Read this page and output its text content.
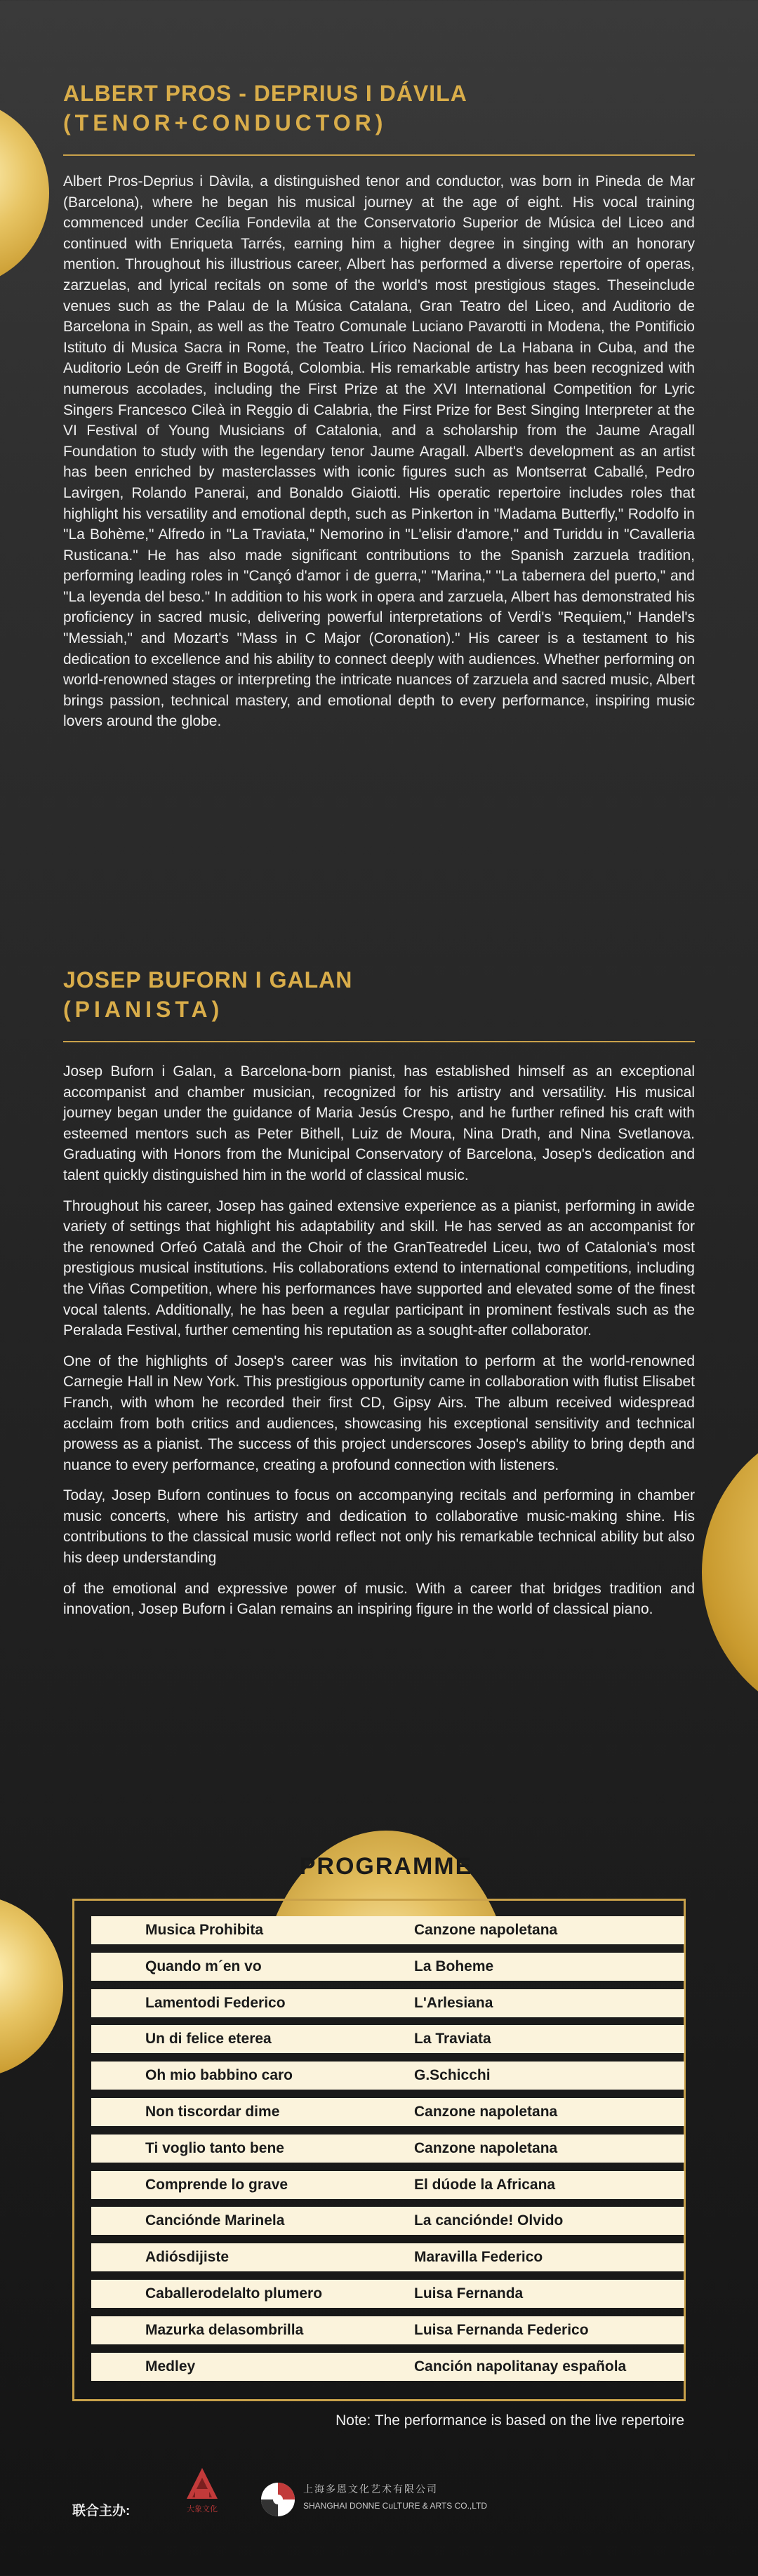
ALBERT PROS - DEPRIUS I DÁVILA
(TENOR+CONDUCTOR)

Albert Pros-Deprius i Dàvila, a distinguished tenor and conductor, was born in Pineda de Mar (Barcelona), where he began his musical journey at the age of eight. His vocal training commenced under Cecília Fondevila at the Conservatorio Superior de Música del Liceo and continued with Enriqueta Tarrés, earning him a higher degree in singing with an honorary mention. Throughout his illustrious career, Albert has performed a diverse repertoire of operas, zarzuelas, and lyrical recitals on some of the world's most prestigious stages. Theseinclude venues such as the Palau de la Música Catalana, Gran Teatro del Liceo, and Auditorio de Barcelona in Spain, as well as the Teatro Comunale Luciano Pavarotti in Modena, the Pontificio Istituto di Musica Sacra in Rome, the Teatro Lírico Nacional de La Habana in Cuba, and the Auditorio León de Greiff in Bogotá, Colombia. His remarkable artistry has been recognized with numerous accolades, including the First Prize at the XVI International Competition for Lyric Singers Francesco Cileà in Reggio di Calabria, the First Prize for Best Singing Interpreter at the VI Festival of Young Musicians of Catalonia, and a scholarship from the Jaume Aragall Foundation to study with the legendary tenor Jaume Aragall. Albert's development as an artist has been enriched by masterclasses with iconic figures such as Montserrat Caballé, Pedro Lavirgen, Rolando Panerai, and Bonaldo Giaiotti. His operatic repertoire includes roles that highlight his versatility and emotional depth, such as Pinkerton in "Madama Butterfly," Rodolfo in "La Bohème," Alfredo in "La Traviata," Nemorino in "L'elisir d'amore," and Turiddu in "Cavalleria Rusticana." He has also made significant contributions to the Spanish zarzuela tradition, performing leading roles in "Cançó d'amor i de guerra," "Marina," "La tabernera del puerto," and "La leyenda del beso." In addition to his work in opera and zarzuela, Albert has demonstrated his proficiency in sacred music, delivering powerful interpretations of Verdi's "Requiem," Handel's "Messiah," and Mozart's "Mass in C Major (Coronation)." His career is a testament to his dedication to excellence and his ability to connect deeply with audiences. Whether performing on world-renowned stages or interpreting the intricate nuances of zarzuela and sacred music, Albert brings passion, technical mastery, and emotional depth to every performance, inspiring music lovers around the globe.

JOSEP BUFORN I GALAN
(PIANISTA)

Josep Buforn i Galan, a Barcelona-born pianist, has established himself as an exceptional accompanist and chamber musician, recognized for his artistry and versatility. His musical journey began under the guidance of Maria Jesús Crespo, and he further refined his craft with esteemed mentors such as Peter Bithell, Luiz de Moura, Nina Drath, and Nina Svetlanova. Graduating with Honors from the Municipal Conservatory of Barcelona, Josep's dedication and talent quickly distinguished him in the world of classical music.

Throughout his career, Josep has gained extensive experience as a pianist, performing in awide variety of settings that highlight his adaptability and skill. He has served as an accompanist for the renowned Orfeó Català and the Choir of the GranTeatredel Liceu, two of Catalonia's most prestigious musical institutions. His collaborations extend to international competitions, including the Viñas Competition, where his performances have supported and elevated some of the finest vocal talents. Additionally, he has been a regular participant in prominent festivals such as the Peralada Festival, further cementing his reputation as a sought-after collaborator.

One of the highlights of Josep's career was his invitation to perform at the world-renowned Carnegie Hall in New York. This prestigious opportunity came in collaboration with flutist Elisabet Franch, with whom he recorded their first CD, Gipsy Airs. The album received widespread acclaim from both critics and audiences, showcasing his exceptional sensitivity and technical prowess as a pianist. The success of this project underscores Josep's ability to bring depth and nuance to every performance, creating a profound connection with listeners.

Today, Josep Buforn continues to focus on accompanying recitals and performing in chamber music concerts, where his artistry and dedication to collaborative music-making shine. His contributions to the classical music world reflect not only his remarkable technical ability but also his deep understanding

of the emotional and expressive power of music. With a career that bridges tradition and innovation, Josep Buforn i Galan remains an inspiring figure in the world of classical piano.

PROGRAMME
Musica Prohibita	Canzone napoletana
Quando m´en vo	La Boheme
Lamentodi Federico	L'Arlesiana
Un di felice eterea	La Traviata
Oh mio babbino caro	G.Schicchi
Non tiscordar dime	Canzone napoletana
Ti voglio tanto bene	Canzone napoletana
Comprende lo grave	El dúode la Africana
Canciónde Marinela	La canciónde! Olvido
Adiósdijiste	Maravilla Federico
Caballerodelalto plumero	Luisa Fernanda
Mazurka delasombrilla	Luisa Fernanda Federico
Medley	Canción napolitanay española
Note: The performance is based on the live repertoire
联合主办:	大象文化
上海多恩文化艺术有限公司
SHANGHAI DONNE CuLTURE & ARTS CO.,LTD
